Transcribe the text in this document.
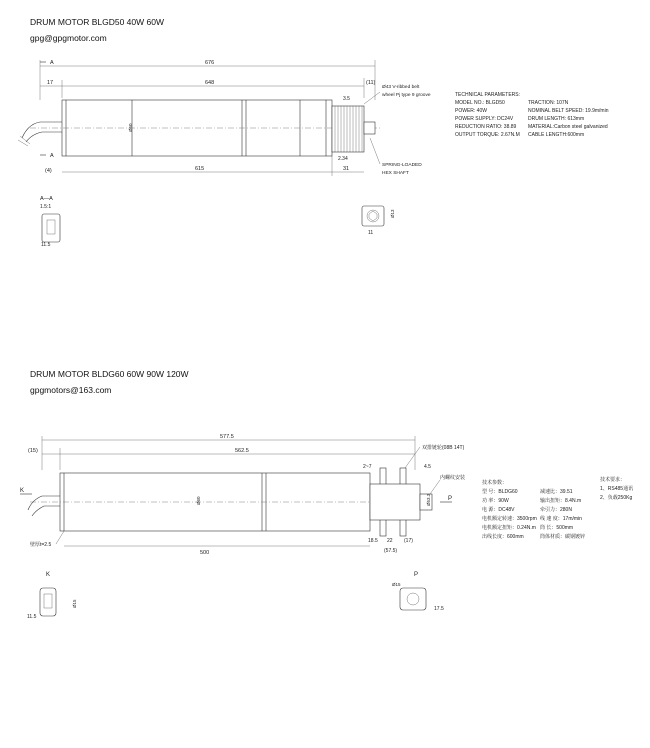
DRUM MOTOR BLGD50 40W 60W
gpg@gpgmotor.com
DRUM MOTOR BLDG60 60W 90W 120W
gpgmotors@163.com
676
17	648	(11)
A
A
Ø50
3.5
2.34
(4)	615	31
Ø43 V-ribbed belt
wheel Pj type 9 groove
SPRING-LOADED
HEX SHAFT
TECHNICAL PARAMETERS:
MODEL NO.: BLGD50
POWER: 40W
POWER SUPPLY: DC24V
REDUCTION RATIO: 38.89
OUTPUT TORQUE: 2.67N.M
TRACTION: 107N
NOMINAL BELT SPEED: 19.9m/min
DRUM LENGTH: 613mm
MATERIAL:Carbon steel galvanized
CABLE LENGTH:600mm
A—A
1.5:1
11.5
Ø13
11
577.5
(15)	562.5
Ø60	Ø53.3
2~7	4.5
K
P
500
18.5 22 (17)
(57.5)
壁厚t=2.5
双排链轮(08B 14T)
内螺纹安装
技术参数：
型 号：BLDG60
功 率：90W
电 源：DC48V
电机额定转速：3500rpm
电机额定扭矩：0.24N.m
出线长度：600mm
减速比：39.51
输出扭矩：8.4N.m
牵引力：280N
线 速 度：17m/min
筒 长：500mm
筒体材质：碳钢镀锌
技术要求：
1、RS485通讯
2、负载250Kg
K
11.5
Ø15
P
Ø15
17.5
